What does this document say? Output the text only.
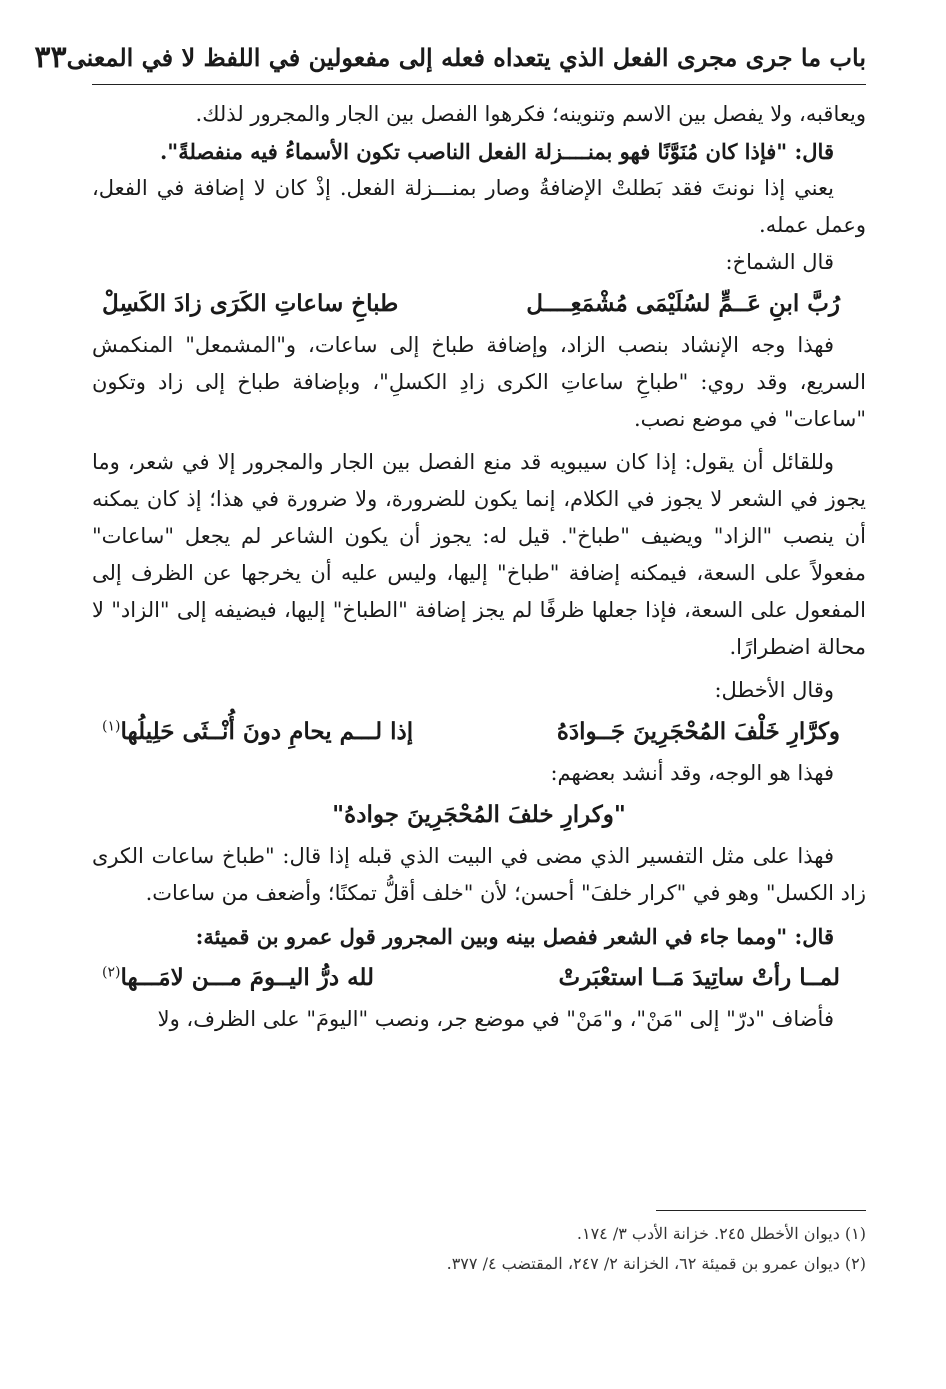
باب ما جرى مجرى الفعل الذي يتعداه فعله إلى مفعولين في اللفظ لا في المعنى
٣٣

ويعاقبه، ولا يفصل بين الاسم وتنوينه؛ فكرهوا الفصل بين الجار والمجرور لذلك.

قال: "فإذا كان مُنَوَّنًا فهو بمنــــزلة الفعل الناصب تكون الأسماءُ فيه منفصلةً".

يعني إذا نونتَ فقد بَطلتْ الإضافةُ وصار بمنـــزلة الفعل. إذْ كان لا إضافة في الفعل، وعمل عمله.

قال الشماخ:

رُبَّ ابنِ عَــمٍّ لسُلَيْمَى مُشْمَعِــــل
طباخِ ساعاتِ الكَرَى زادَ الكَسِلْ

فهذا وجه الإنشاد بنصب الزاد، وإضافة طباخ إلى ساعات، و"المشمعل" المنكمش السريع، وقد روي: "طباخِ ساعاتِ الكرى زادِ الكسلِ"، وبإضافة طباخ إلى زاد وتكون "ساعات" في موضع نصب.

وللقائل أن يقول: إذا كان سيبويه قد منع الفصل بين الجار والمجرور إلا في شعر، وما يجوز في الشعر لا يجوز في الكلام، إنما يكون للضرورة، ولا ضرورة في هذا؛ إذ كان يمكنه أن ينصب "الزاد" ويضيف "طباخ". قيل له: يجوز أن يكون الشاعر لم يجعل "ساعات" مفعولاً على السعة، فيمكنه إضافة "طباخ" إليها، وليس عليه أن يخرجها عن الظرف إلى المفعول على السعة، فإذا جعلها ظرفًا لم يجز إضافة "الطباخ" إليها، فيضيفه إلى "الزاد" لا محالة اضطرارًا.

وقال الأخطل:

وكرَّارِ خَلْفَ المُحْجَرِينَ جَــوادَهُ
إذا لـــم يحامِ دونَ أُنْــثَى حَلِيلُها$^{(١)}$

فهذا هو الوجه، وقد أنشد بعضهم:

"وكرارِ خلفَ المُحْجَرِينَ جوادهُ"

فهذا على مثل التفسير الذي مضى في البيت الذي قبله إذا قال: "طباخ ساعات الكرى زاد الكسل" وهو في "كرار خلفَ" أحسن؛ لأن "خلف أقلُّ تمكنًا؛ وأضعف من ساعات.

قال: "ومما جاء في الشعر ففصل بينه وبين المجرور قول عمرو بن قميئة:

لمــا رأتْ ساتِيدَ مَــا استعْبَرتْ
لله درُّ اليــومَ مـــن لامَـــها$^{(٢)}$

فأضاف "درّ" إلى "مَنْ"، و"مَنْ" في موضع جر، ونصب "اليومَ" على الظرف، ولا

(١) ديوان الأخطل ٢٤٥. خزانة الأدب ٣/ ١٧٤.

(٢) ديوان عمرو بن قميئة ٦٢، الخزانة ٢/ ٢٤٧، المقتضب ٤/ ٣٧٧.
